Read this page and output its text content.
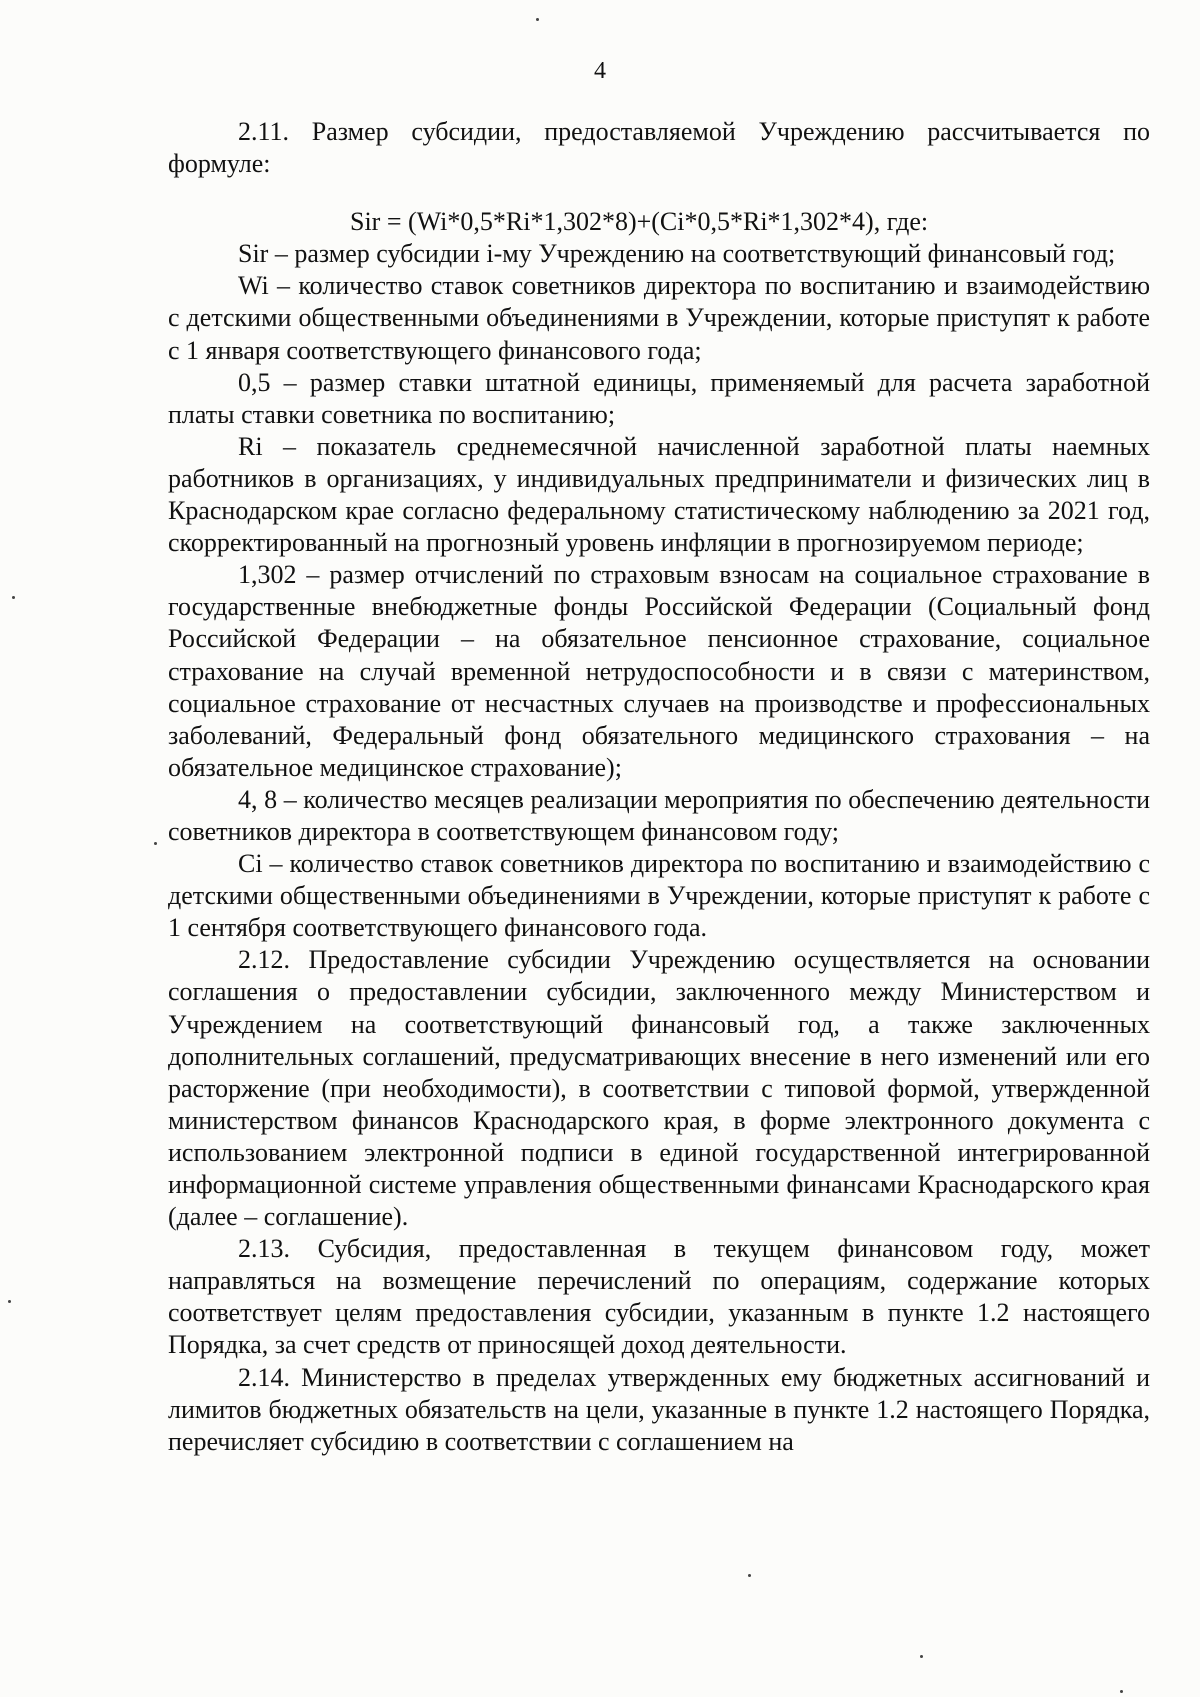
4

2.11. Размер субсидии, предоставляемой Учреждению рассчитывается по формуле:

Sir = (Wi*0,5*Ri*1,302*8)+(Ci*0,5*Ri*1,302*4), где:

Sir – размер субсидии i-му Учреждению на соответствующий финансовый год;

Wi – количество ставок советников директора по воспитанию и взаимодействию с детскими общественными объединениями в Учреждении, которые приступят к работе с 1 января соответствующего финансового года;

0,5 – размер ставки штатной единицы, применяемый для расчета заработной платы ставки советника по воспитанию;

Ri – показатель среднемесячной начисленной заработной платы наемных работников в организациях, у индивидуальных предприниматели и физических лиц в Краснодарском крае согласно федеральному статистическому наблюдению за 2021 год, скорректированный на прогнозный уровень инфляции в прогнозируемом периоде;

1,302 – размер отчислений по страховым взносам на социальное страхование в государственные внебюджетные фонды Российской Федерации (Социальный фонд Российской Федерации – на обязательное пенсионное страхование, социальное страхование на случай временной нетрудоспособности и в связи с материнством, социальное страхование от несчастных случаев на производстве и профессиональных заболеваний, Федеральный фонд обязательного медицинского страхования – на обязательное медицинское страхование);

4, 8 – количество месяцев реализации мероприятия по обеспечению деятельности советников директора в соответствующем финансовом году;

Ci – количество ставок советников директора по воспитанию и взаимодействию с детскими общественными объединениями в Учреждении, которые приступят к работе с 1 сентября соответствующего финансового года.

2.12. Предоставление субсидии Учреждению осуществляется на основании соглашения о предоставлении субсидии, заключенного между Министерством и Учреждением на соответствующий финансовый год, а также заключенных дополнительных соглашений, предусматривающих внесение в него изменений или его расторжение (при необходимости), в соответствии с типовой формой, утвержденной министерством финансов Краснодарского края, в форме электронного документа с использованием электронной подписи в единой государственной интегрированной информационной системе управления общественными финансами Краснодарского края (далее – соглашение).

2.13. Субсидия, предоставленная в текущем финансовом году, может направляться на возмещение перечислений по операциям, содержание которых соответствует целям предоставления субсидии, указанным в пункте 1.2 настоящего Порядка, за счет средств от приносящей доход деятельности.

2.14. Министерство в пределах утвержденных ему бюджетных ассигнований и лимитов бюджетных обязательств на цели, указанные в пункте 1.2 настоящего Порядка, перечисляет субсидию в соответствии с соглашением на
